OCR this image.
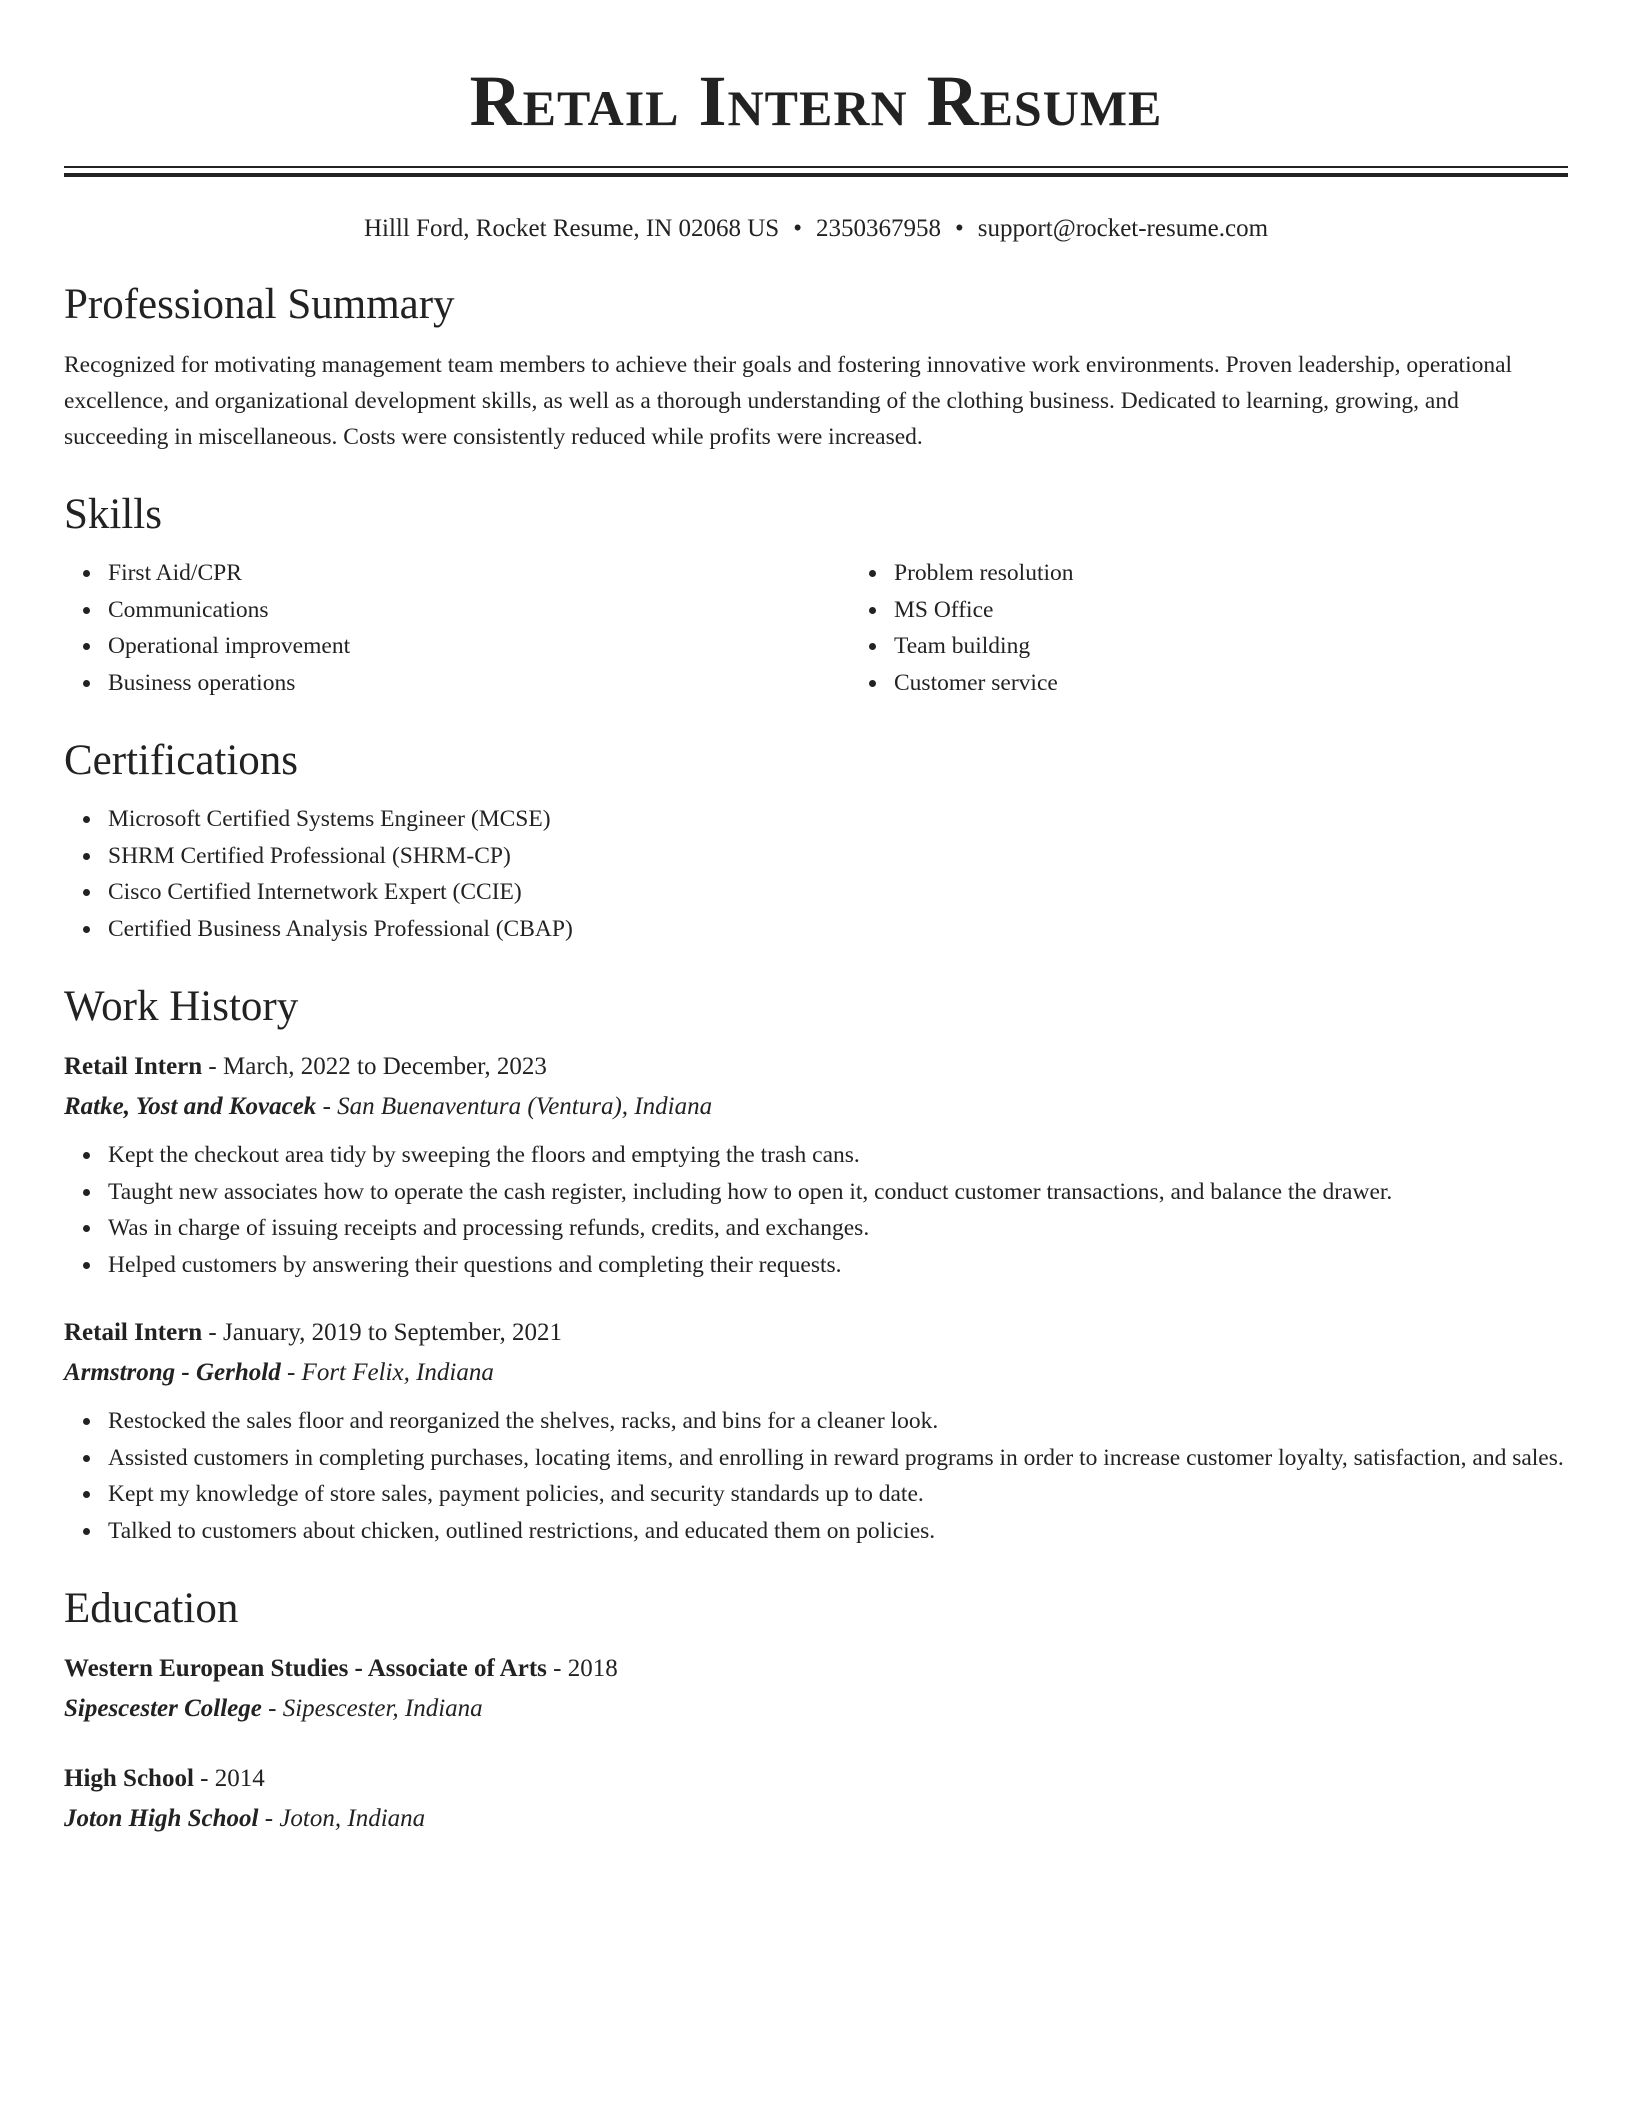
Retail Intern Resume
Hilll Ford, Rocket Resume, IN 02068 US • 2350367958 • support@rocket-resume.com
Professional Summary

Recognized for motivating management team members to achieve their goals and fostering innovative work environments. Proven leadership, operational excellence, and organizational development skills, as well as a thorough understanding of the clothing business. Dedicated to learning, growing, and succeeding in miscellaneous. Costs were consistently reduced while profits were increased.

Skills
First Aid/CPR
Communications
Operational improvement
Business operations
Problem resolution
MS Office
Team building
Customer service
Certifications
Microsoft Certified Systems Engineer (MCSE)
SHRM Certified Professional (SHRM-CP)
Cisco Certified Internetwork Expert (CCIE)
Certified Business Analysis Professional (CBAP)
Work History
Retail Intern - March, 2022 to December, 2023
Ratke, Yost and Kovacek - San Buenaventura (Ventura), Indiana
Kept the checkout area tidy by sweeping the floors and emptying the trash cans.
Taught new associates how to operate the cash register, including how to open it, conduct customer transactions, and balance the drawer.
Was in charge of issuing receipts and processing refunds, credits, and exchanges.
Helped customers by answering their questions and completing their requests.
Retail Intern - January, 2019 to September, 2021
Armstrong - Gerhold - Fort Felix, Indiana
Restocked the sales floor and reorganized the shelves, racks, and bins for a cleaner look.
Assisted customers in completing purchases, locating items, and enrolling in reward programs in order to increase customer loyalty, satisfaction, and sales.
Kept my knowledge of store sales, payment policies, and security standards up to date.
Talked to customers about chicken, outlined restrictions, and educated them on policies.
Education
Western European Studies - Associate of Arts - 2018
Sipescester College - Sipescester, Indiana
High School - 2014
Joton High School - Joton, Indiana
